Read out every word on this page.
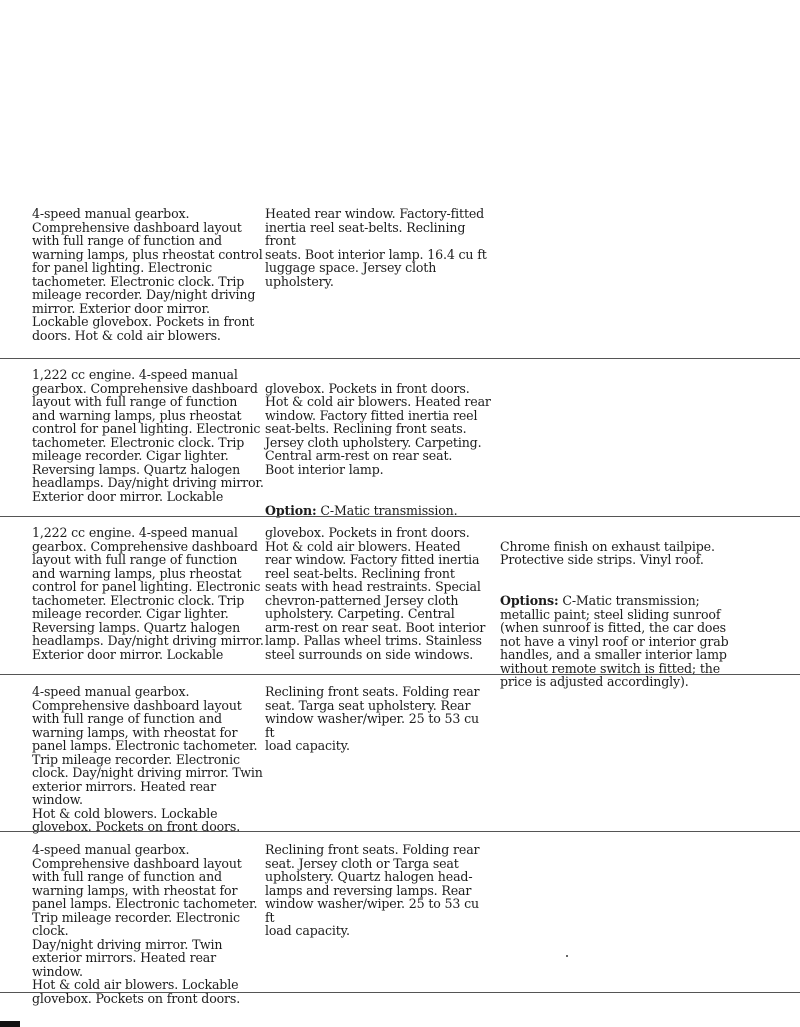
4-speed manual gearbox.
Comprehensive dashboard layout
with full range of function and
warning lamps, plus rheostat control
for panel lighting. Electronic
tachometer. Electronic clock. Trip
mileage recorder. Day/night driving
mirror. Exterior door mirror.
Lockable glovebox. Pockets in front
doors. Hot & cold air blowers.
Heated rear window. Factory-fitted
inertia reel seat-belts. Reclining front
seats. Boot interior lamp. 16.4 cu ft
luggage space. Jersey cloth
upholstery.
1,222 cc engine. 4-speed manual
gearbox. Comprehensive dashboard
layout with full range of function
and warning lamps, plus rheostat
control for panel lighting. Electronic
tachometer. Electronic clock. Trip
mileage recorder. Cigar lighter.
Reversing lamps. Quartz halogen
headlamps. Day/night driving mirror.
Exterior door mirror. Lockable

glovebox. Pockets in front doors.
Hot & cold air blowers. Heated rear
window. Factory fitted inertia reel
seat-belts. Reclining front seats.
Jersey cloth upholstery. Carpeting.
Central arm-rest on rear seat.
Boot interior lamp.

Option: C-Matic transmission.

1,222 cc engine. 4-speed manual
gearbox. Comprehensive dashboard
layout with full range of function
and warning lamps, plus rheostat
control for panel lighting. Electronic
tachometer. Electronic clock. Trip
mileage recorder. Cigar lighter.
Reversing lamps. Quartz halogen
headlamps. Day/night driving mirror.
Exterior door mirror. Lockable
glovebox. Pockets in front doors.
Hot & cold air blowers. Heated
rear window. Factory fitted inertia
reel seat-belts. Reclining front
seats with head restraints. Special
chevron-patterned Jersey cloth
upholstery. Carpeting. Central
arm-rest on rear seat. Boot interior
lamp. Pallas wheel trims. Stainless
steel surrounds on side windows.

Chrome finish on exhaust tailpipe.
Protective side strips. Vinyl roof.

Options: C-Matic transmission;
metallic paint; steel sliding sunroof
(when sunroof is fitted, the car does
not have a vinyl roof or interior grab
handles, and a smaller interior lamp
without remote switch is fitted; the
price is adjusted accordingly).

4-speed manual gearbox.
Comprehensive dashboard layout
with full range of function and
warning lamps, with rheostat for
panel lamps. Electronic tachometer.
Trip mileage recorder. Electronic
clock. Day/night driving mirror. Twin
exterior mirrors. Heated rear window.
Hot & cold blowers. Lockable
glovebox. Pockets on front doors.
Reclining front seats. Folding rear
seat. Targa seat upholstery. Rear
window washer/wiper. 25 to 53 cu ft
load capacity.
4-speed manual gearbox.
Comprehensive dashboard layout
with full range of function and
warning lamps, with rheostat for
panel lamps. Electronic tachometer.
Trip mileage recorder. Electronic clock.
Day/night driving mirror. Twin
exterior mirrors. Heated rear window.
Hot & cold air blowers. Lockable
glovebox. Pockets on front doors.
Reclining front seats. Folding rear
seat. Jersey cloth or Targa seat
upholstery. Quartz halogen head-
lamps and reversing lamps. Rear
window washer/wiper. 25 to 53 cu ft
load capacity.
